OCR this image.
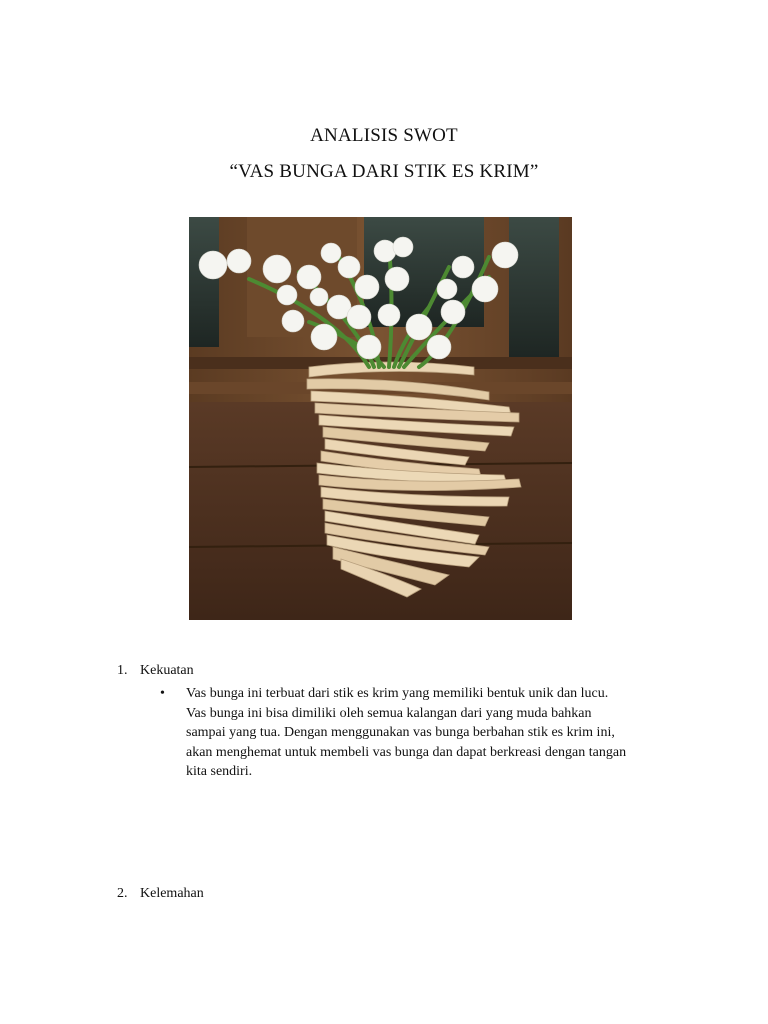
ANALISIS SWOT
“VAS BUNGA DARI STIK ES KRIM”
1. Kekuatan
•	Vas bunga ini terbuat dari stik es krim yang memiliki bentuk unik dan lucu.
Vas bunga ini bisa dimiliki oleh semua kalangan dari yang muda bahkan
sampai yang tua. Dengan menggunakan vas bunga berbahan stik es krim ini,
akan menghemat untuk membeli vas bunga dan dapat berkreasi dengan tangan
kita sendiri.
2. Kelemahan
